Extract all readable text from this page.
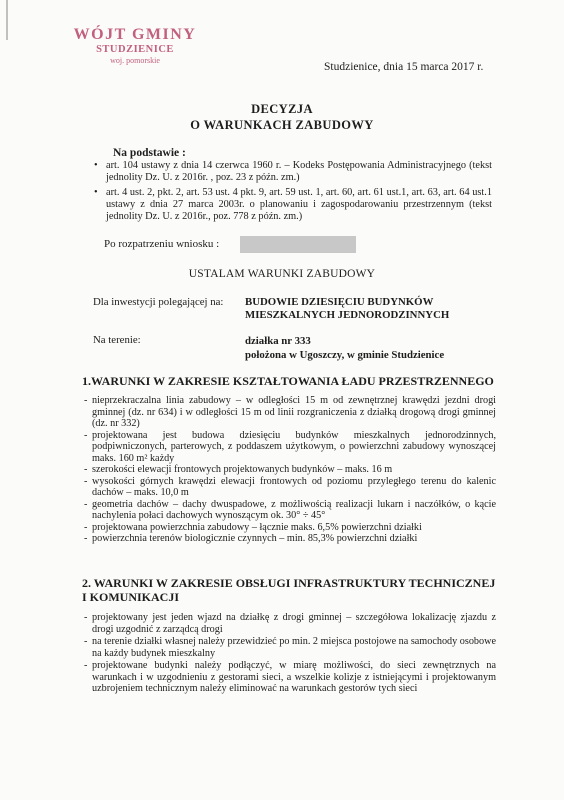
WÓJT GMINY
STUDZIENICE
woj. pomorskie
Studzienice, dnia 15 marca 2017 r.
DECYZJA
O WARUNKACH ZABUDOWY
Na podstawie :
• art. 104 ustawy z dnia 14 czerwca 1960 r. – Kodeks Postępowania Administracyjnego (tekst jednolity Dz. U. z 2016r. , poz. 23 z późn. zm.)
• art. 4 ust. 2, pkt. 2, art. 53 ust. 4 pkt. 9, art. 59 ust. 1, art. 60, art. 61 ust.1, art. 63, art. 64 ust.1 ustawy z dnia 27 marca 2003r. o planowaniu i zagospodarowaniu przestrzennym (tekst jednolity Dz. U. z 2016r., poz. 778 z późn. zm.)
Po rozpatrzeniu wniosku :
USTALAM WARUNKI ZABUDOWY
Dla inwestycji polegającej na: BUDOWIE DZIESIĘCIU BUDYNKÓW MIESZKALNYCH JEDNORODZINNYCH
Na terenie:	działka nr 333
położona w Ugoszczy, w gminie Studzienice
1.WARUNKI W ZAKRESIE KSZTAŁTOWANIA ŁADU PRZESTRZENNEGO
- nieprzekraczalna linia zabudowy – w odległości 15 m od zewnętrznej krawędzi jezdni drogi gminnej (dz. nr 634) i w odległości 15 m od linii rozgraniczenia z działką drogową drogi gminnej (dz. nr 332)
- projektowana jest budowa dziesięciu budynków mieszkalnych jednorodzinnych, podpiwniczonych, parterowych, z poddaszem użytkowym, o powierzchni zabudowy wynoszącej maks. 160 m² każdy
- szerokości elewacji frontowych projektowanych budynków – maks. 16 m
- wysokości górnych krawędzi elewacji frontowych od poziomu przyległego terenu do kalenic dachów – maks. 10,0 m
- geometria dachów – dachy dwuspadowe, z możliwością realizacji lukarn i naczółków, o kącie nachylenia połaci dachowych wynoszącym ok. 30° ÷ 45°
- projektowana powierzchnia zabudowy – łącznie maks. 6,5% powierzchni działki
- powierzchnia terenów biologicznie czynnych – min. 85,3% powierzchni działki
2. WARUNKI W ZAKRESIE OBSŁUGI INFRASTRUKTURY TECHNICZNEJ I KOMUNIKACJI
- projektowany jest jeden wjazd na działkę z drogi gminnej – szczegółowa lokalizację zjazdu z drogi uzgodnić z zarządcą drogi
- na terenie działki własnej należy przewidzieć po min. 2 miejsca postojowe na samochody osobowe na każdy budynek mieszkalny
- projektowane budynki należy podłączyć, w miarę możliwości, do sieci zewnętrznych na warunkach i w uzgodnieniu z gestorami sieci, a wszelkie kolizje z istniejącymi i projektowanym uzbrojeniem technicznym należy eliminować na warunkach gestorów tych sieci
